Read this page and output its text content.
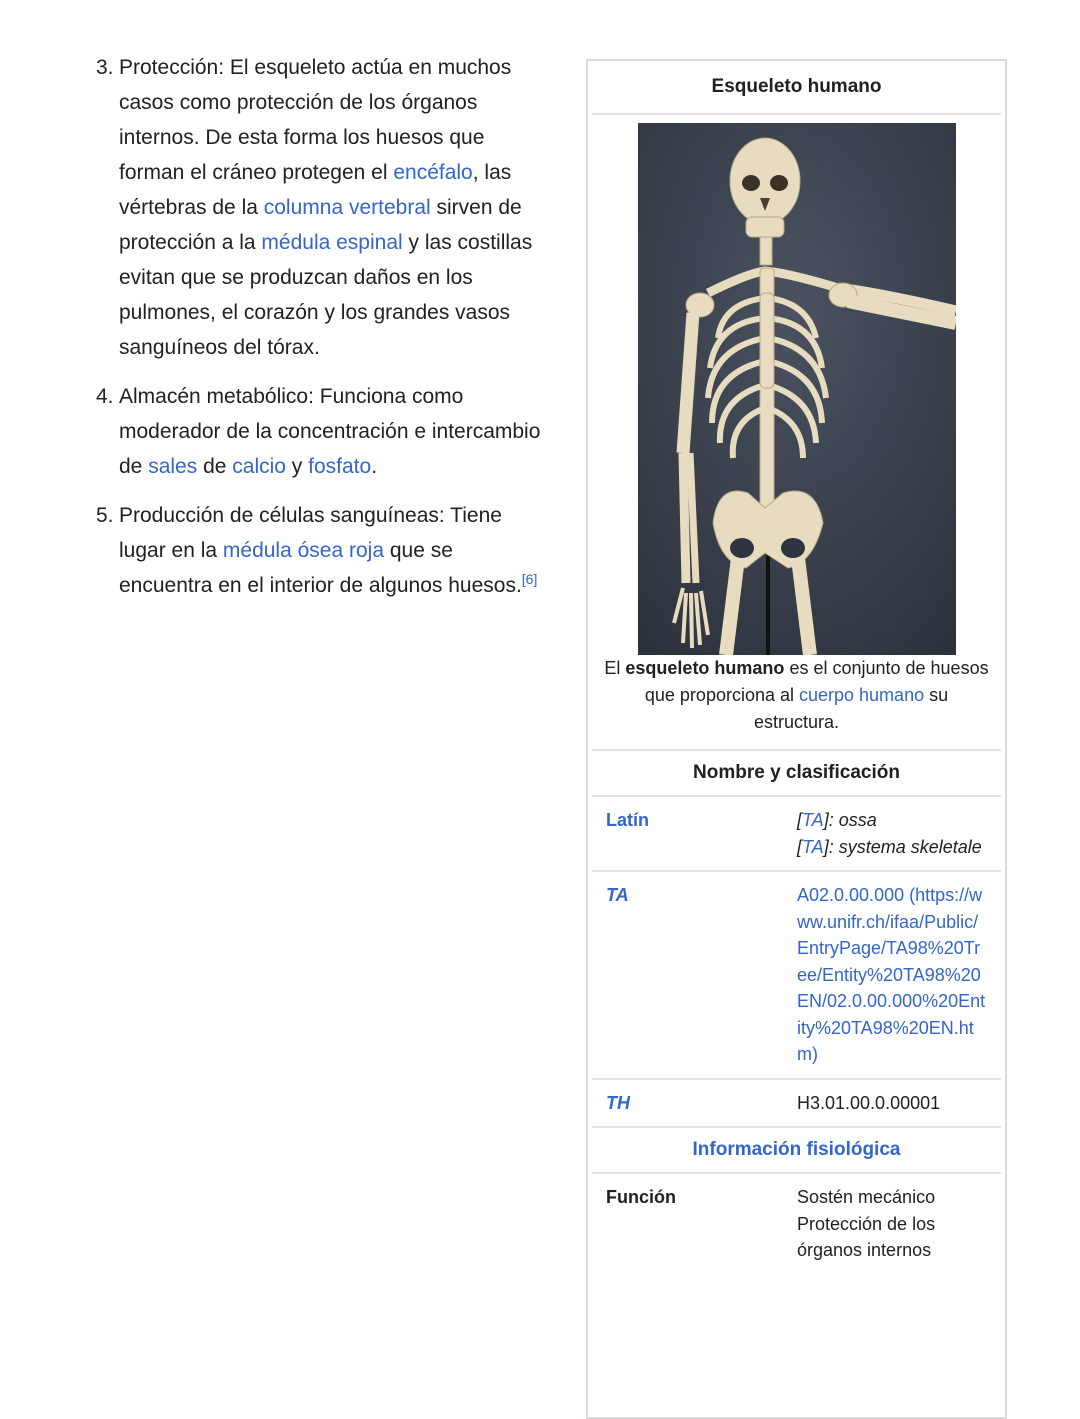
3. Protección: El esqueleto actúa en muchos casos como protección de los órganos internos. De esta forma los huesos que forman el cráneo protegen el encéfalo, las vértebras de la columna vertebral sirven de protección a la médula espinal y las costillas evitan que se produzcan daños en los pulmones, el corazón y los grandes vasos sanguíneos del tórax.
4. Almacén metabólico: Funciona como moderador de la concentración e intercambio de sales de calcio y fosfato.
5. Producción de células sanguíneas: Tiene lugar en la médula ósea roja que se encuentra en el interior de algunos huesos.[6]
Esqueleto humano
El esqueleto humano es el conjunto de huesos que proporciona al cuerpo humano su estructura.
Nombre y clasificación
Latín	[TA]: ossa
[TA]: systema skeletale
TA	A02.0.00.000 (https://www.unifr.ch/ifaa/Public/EntryPage/TA98%20Tree/Entity%20TA98%20EN/02.0.00.000%20Entity%20TA98%20EN.htm)
TH	H3.01.00.0.00001
Información fisiológica
Función	Sostén mecánico
Protección de los órganos internos
